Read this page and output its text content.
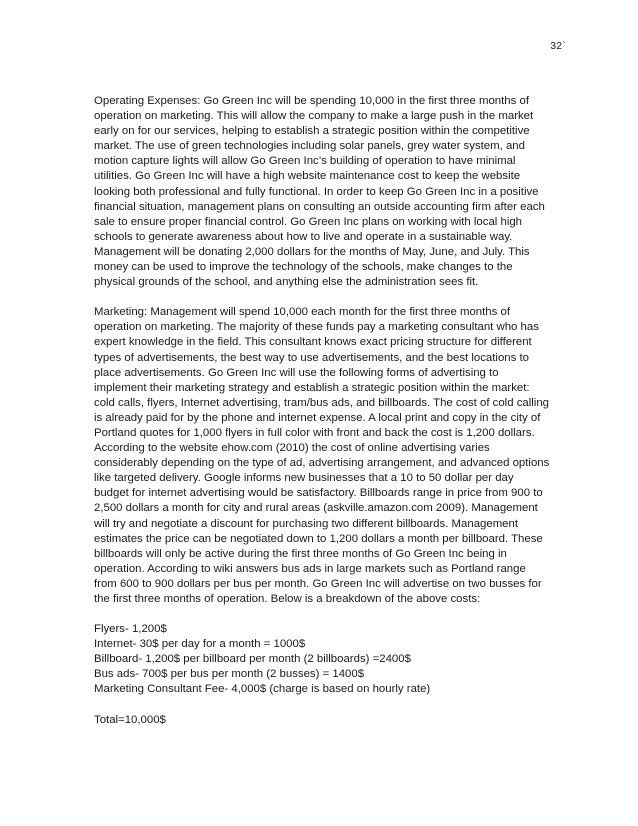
32`

Operating Expenses: Go Green Inc will be spending 10,000 in the first three months of operation on marketing. This will allow the company to make a large push in the market early on for our services, helping to establish a strategic position within the competitive market. The use of green technologies including solar panels, grey water system, and motion capture lights will allow Go Green Inc’s building of operation to have minimal utilities. Go Green Inc will have a high website maintenance cost to keep the website looking both professional and fully functional. In order to keep Go Green Inc in a positive financial situation, management plans on consulting an outside accounting firm after each sale to ensure proper financial control. Go Green Inc plans on working with local high schools to generate awareness about how to live and operate in a sustainable way. Management will be donating 2,000 dollars for the months of May, June, and July. This money can be used to improve the technology of the schools, make changes to the physical grounds of the school, and anything else the administration sees fit.

Marketing: Management will spend 10,000 each month for the first three months of operation on marketing. The majority of these funds pay a marketing consultant who has expert knowledge in the field. This consultant knows exact pricing structure for different types of advertisements, the best way to use advertisements, and the best locations to place advertisements. Go Green Inc will use the following forms of advertising to implement their marketing strategy and establish a strategic position within the market: cold calls, flyers, Internet advertising, tram/bus ads, and billboards. The cost of cold calling is already paid for by the phone and internet expense. A local print and copy in the city of Portland quotes for 1,000 flyers in full color with front and back the cost is 1,200 dollars. According to the website ehow.com (2010) the cost of online advertising varies considerably depending on the type of ad, advertising arrangement, and advanced options like targeted delivery. Google informs new businesses that a 10 to 50 dollar per day budget for internet advertising would be satisfactory. Billboards range in price from 900 to 2,500 dollars a month for city and rural areas (askville.amazon.com 2009). Management will try and negotiate a discount for purchasing two different billboards. Management estimates the price can be negotiated down to 1,200 dollars a month per billboard. These billboards will only be active during the first three months of Go Green Inc being in operation. According to wiki answers bus ads in large markets such as Portland range from 600 to 900 dollars per bus per month. Go Green Inc will advertise on two busses for the first three months of operation. Below is a breakdown of the above costs:

Flyers- 1,200$
Internet- 30$ per day for a month = 1000$
Billboard- 1,200$ per billboard per month (2 billboards) =2400$
Bus ads- 700$ per bus per month (2 busses) = 1400$
Marketing Consultant Fee- 4,000$ (charge is based on hourly rate)

Total=10,000$
